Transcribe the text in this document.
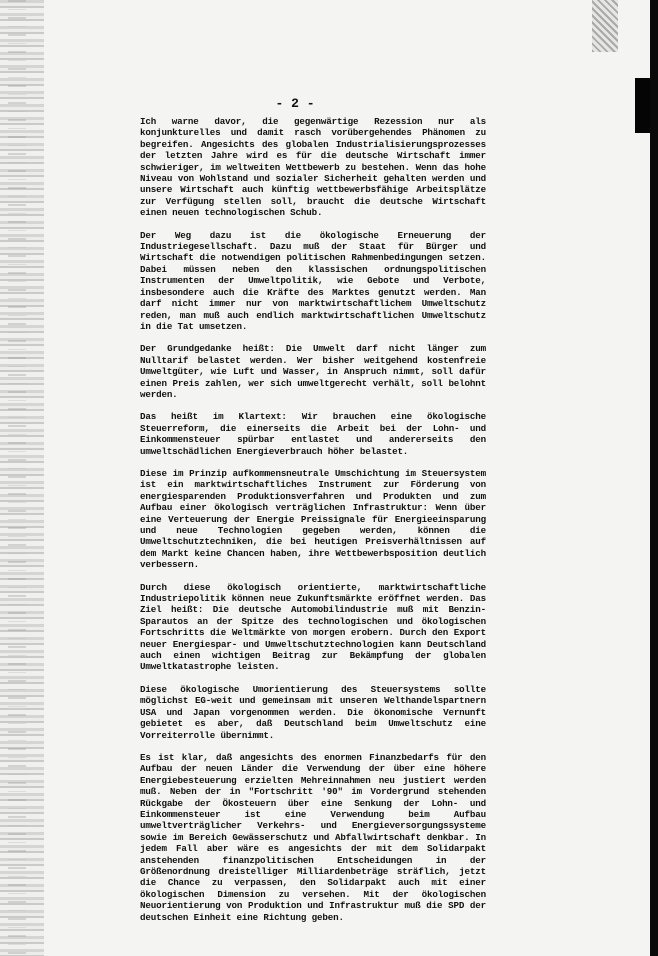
- 2 -

Ich warne davor, die gegenwärtige Rezession nur als konjunkturelles und damit rasch vorübergehendes Phänomen zu begreifen. Angesichts des globalen Industrialisierungsprozesses der letzten Jahre wird es für die deutsche Wirtschaft immer schwieriger, im weltweiten Wettbewerb zu bestehen. Wenn das hohe Niveau von Wohlstand und sozialer Sicherheit gehalten werden und unsere Wirtschaft auch künftig wettbewerbsfähige Arbeitsplätze zur Verfügung stellen soll, braucht die deutsche Wirtschaft einen neuen technologischen Schub.

Der Weg dazu ist die ökologische Erneuerung der Industriegesellschaft. Dazu muß der Staat für Bürger und Wirtschaft die notwendigen politischen Rahmenbedingungen setzen. Dabei müssen neben den klassischen ordnungspolitischen Instrumenten der Umweltpolitik, wie Gebote und Verbote, insbesondere auch die Kräfte des Marktes genutzt werden. Man darf nicht immer nur von marktwirtschaftlichem Umweltschutz reden, man muß auch endlich marktwirtschaftlichen Umweltschutz in die Tat umsetzen.

Der Grundgedanke heißt: Die Umwelt darf nicht länger zum Nulltarif belastet werden. Wer bisher weitgehend kostenfreie Umweltgüter, wie Luft und Wasser, in Anspruch nimmt, soll dafür einen Preis zahlen, wer sich umweltgerecht verhält, soll belohnt werden.

Das heißt im Klartext: Wir brauchen eine ökologische Steuerreform, die einerseits die Arbeit bei der Lohn- und Einkommensteuer spürbar entlastet und andererseits den umweltschädlichen Energieverbrauch höher belastet.

Diese im Prinzip aufkommensneutrale Umschichtung im Steuersystem ist ein marktwirtschaftliches Instrument zur Förderung von energiesparenden Produktionsverfahren und Produkten und zum Aufbau einer ökologisch verträglichen Infrastruktur: Wenn über eine Verteuerung der Energie Preissignale für Energieeinsparung und neue Technologien gegeben werden, können die Umweltschutztechniken, die bei heutigen Preisverhältnissen auf dem Markt keine Chancen haben, ihre Wettbewerbsposition deutlich verbessern.

Durch diese ökologisch orientierte, marktwirtschaftliche Industriepolitik können neue Zukunftsmärkte eröffnet werden. Das Ziel heißt: Die deutsche Automobilindustrie muß mit Benzin-Sparautos an der Spitze des technologischen und ökologischen Fortschritts die Weltmärkte von morgen erobern. Durch den Export neuer Energiespar- und Umweltschutztechnologien kann Deutschland auch einen wichtigen Beitrag zur Bekämpfung der globalen Umweltkatastrophe leisten.

Diese ökologische Umorientierung des Steuersystems sollte möglichst EG-weit und gemeinsam mit unseren Welthandelspartnern USA und Japan vorgenommen werden. Die ökonomische Vernunft gebietet es aber, daß Deutschland beim Umweltschutz eine Vorreiterrolle übernimmt.

Es ist klar, daß angesichts des enormen Finanzbedarfs für den Aufbau der neuen Länder die Verwendung der über eine höhere Energiebesteuerung erzielten Mehreinnahmen neu justiert werden muß. Neben der in "Fortschritt '90" im Vordergrund stehenden Rückgabe der Ökosteuern über eine Senkung der Lohn- und Einkommensteuer ist eine Verwendung beim Aufbau umweltverträglicher Verkehrs- und Energieversorgungssysteme sowie im Bereich Gewässerschutz und Abfallwirtschaft denkbar. In jedem Fall aber wäre es angesichts der mit dem Solidarpakt anstehenden finanzpolitischen Entscheidungen in der Größenordnung dreistelliger Milliardenbeträge sträflich, jetzt die Chance zu verpassen, den Solidarpakt auch mit einer ökologischen Dimension zu versehen. Mit der ökologischen Neuorientierung von Produktion und Infrastruktur muß die SPD der deutschen Einheit eine Richtung geben.
